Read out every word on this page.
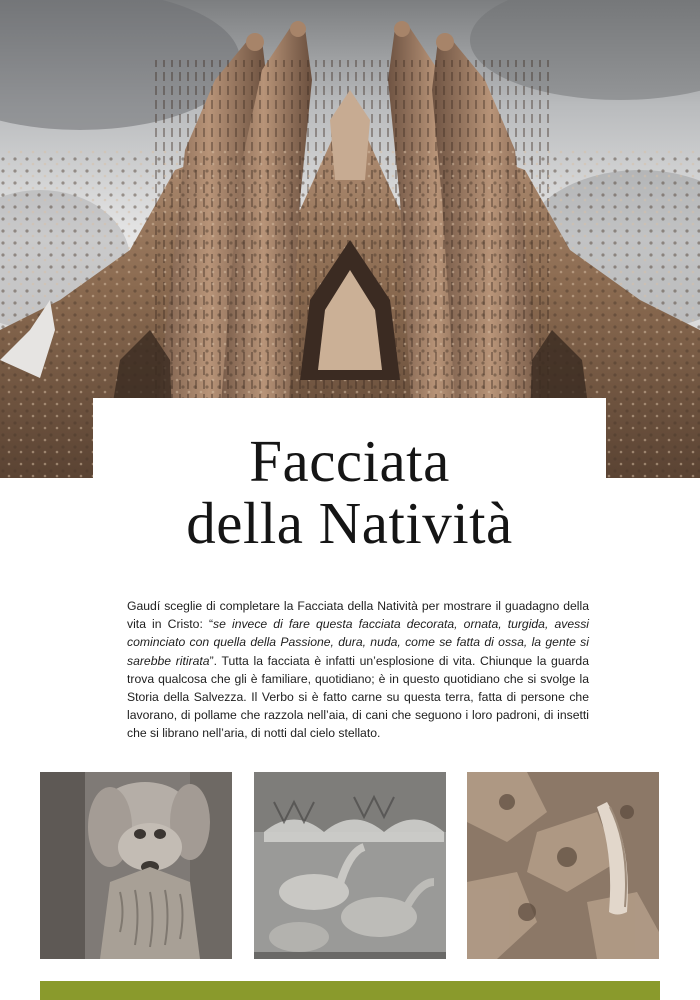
Facciata
della Natività

Gaudí sceglie di completare la Facciata della Natività per mostrare il guadagno della vita in Cristo: “se invece di fare questa facciata decorata, ornata, turgida, avessi cominciato con quella della Passione, dura, nuda, come se fatta di ossa, la gente si sarebbe ritirata”. Tutta la facciata è infatti un’esplosione di vita. Chiunque la guarda trova qualcosa che gli è familiare, quotidiano; è in questo quotidiano che si svolge la Storia della Salvezza. Il Verbo si è fatto carne su questa terra, fatta di persone che lavorano, di pollame che razzola nell’aia, di cani che seguono i loro padroni, di insetti che si librano nell’aria, di notti dal cielo stellato.
